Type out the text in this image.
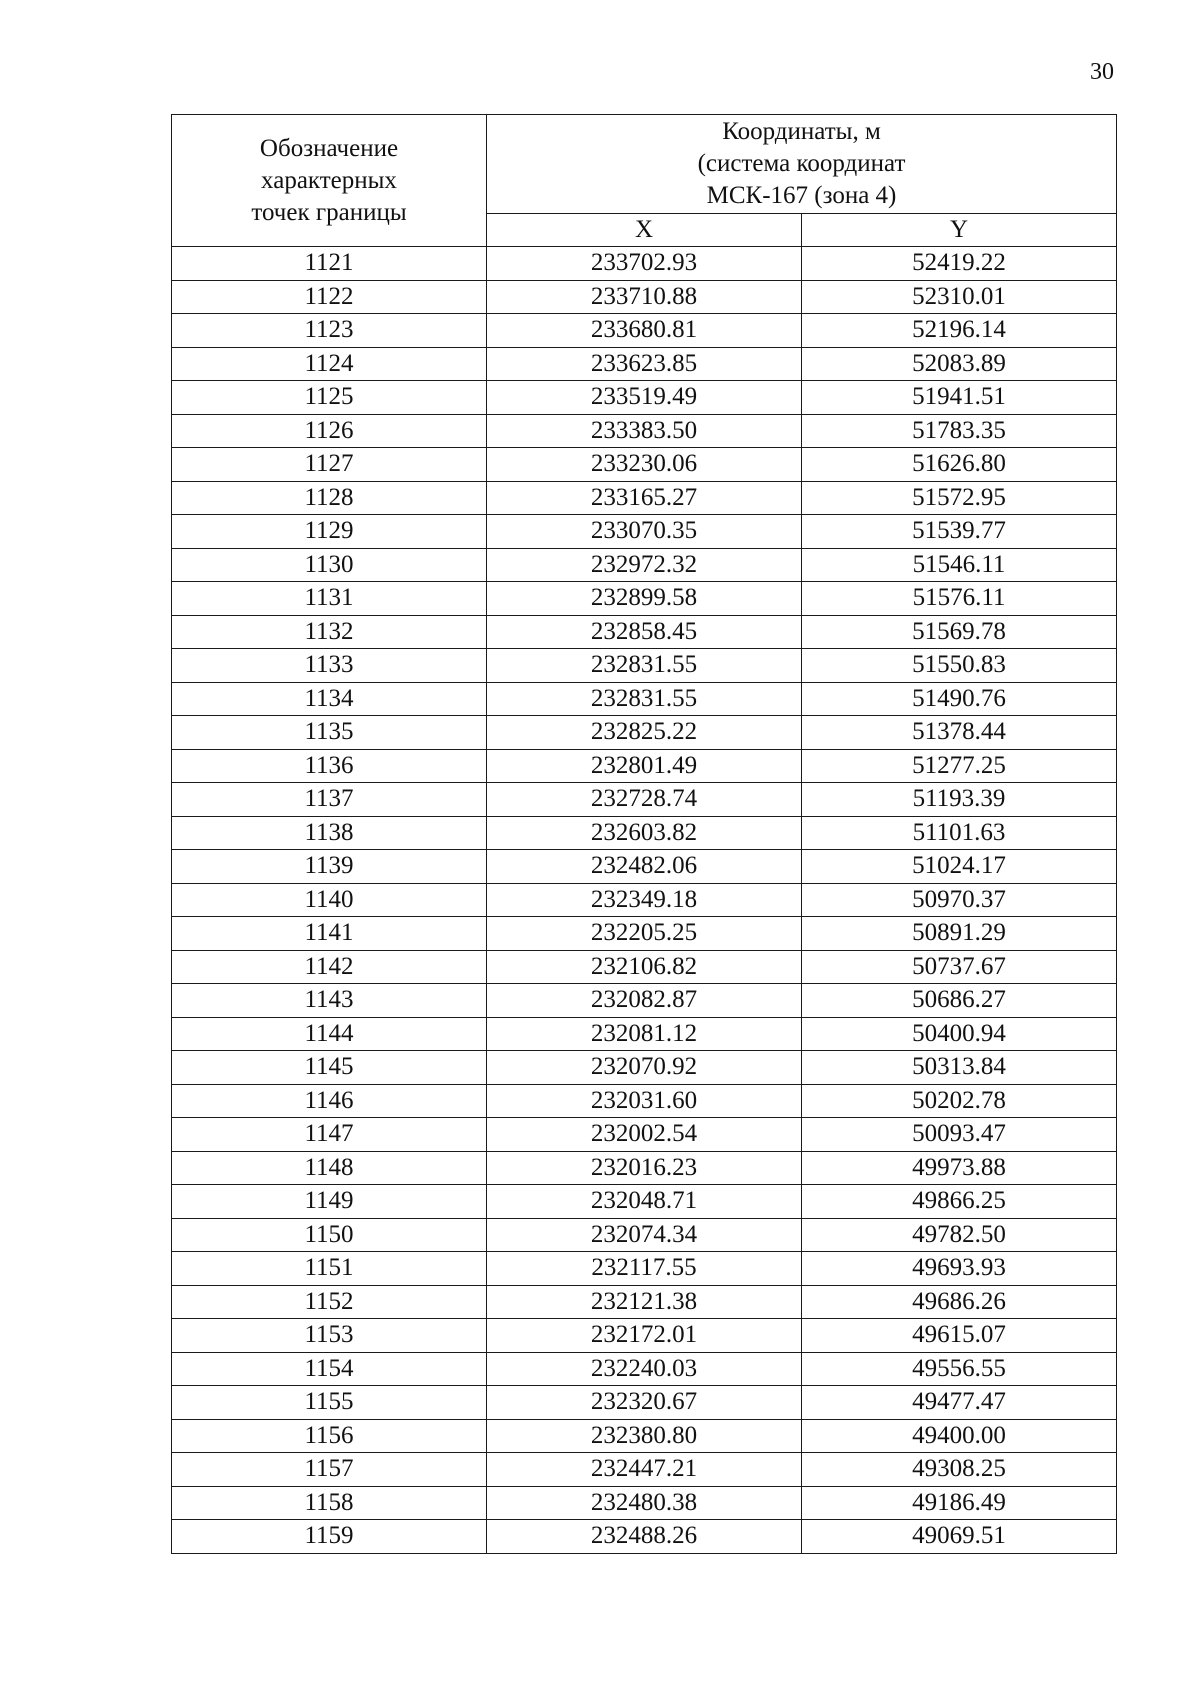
30
Обозначение
характерных
точек границы	Координаты, м
(система координат
МСК-167 (зона 4)	

	X	Y
1121	233702.93	52419.22
1122	233710.88	52310.01
1123	233680.81	52196.14
1124	233623.85	52083.89
1125	233519.49	51941.51
1126	233383.50	51783.35
1127	233230.06	51626.80
1128	233165.27	51572.95
1129	233070.35	51539.77
1130	232972.32	51546.11
1131	232899.58	51576.11
1132	232858.45	51569.78
1133	232831.55	51550.83
1134	232831.55	51490.76
1135	232825.22	51378.44
1136	232801.49	51277.25
1137	232728.74	51193.39
1138	232603.82	51101.63
1139	232482.06	51024.17
1140	232349.18	50970.37
1141	232205.25	50891.29
1142	232106.82	50737.67
1143	232082.87	50686.27
1144	232081.12	50400.94
1145	232070.92	50313.84
1146	232031.60	50202.78
1147	232002.54	50093.47
1148	232016.23	49973.88
1149	232048.71	49866.25
1150	232074.34	49782.50
1151	232117.55	49693.93
1152	232121.38	49686.26
1153	232172.01	49615.07
1154	232240.03	49556.55
1155	232320.67	49477.47
1156	232380.80	49400.00
1157	232447.21	49308.25
1158	232480.38	49186.49
1159	232488.26	49069.51
